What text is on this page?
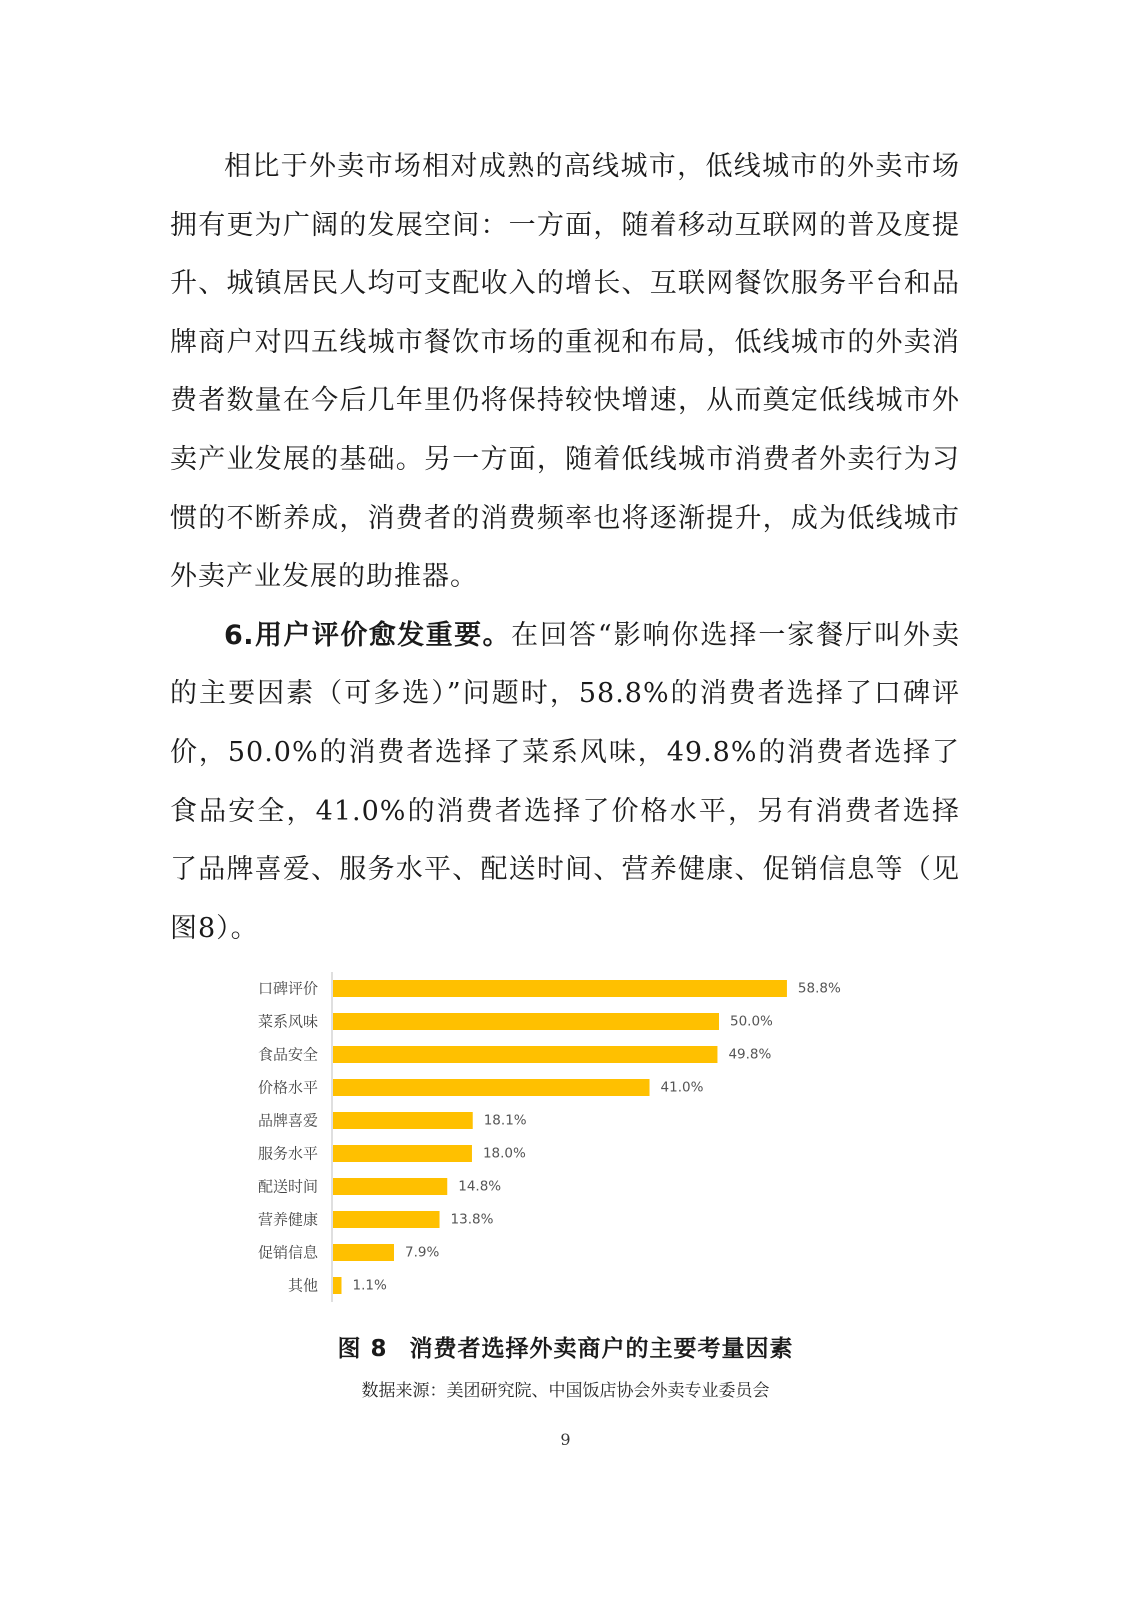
相比于外卖市场相对成熟的高线城市，低线城市的外卖市场拥有更为广阔的发展空间：一方面，随着移动互联网的普及度提升、城镇居民人均可支配收入的增长、互联网餐饮服务平台和品牌商户对四五线城市餐饮市场的重视和布局，低线城市的外卖消费者数量在今后几年里仍将保持较快增速，从而奠定低线城市外卖产业发展的基础。另一方面，随着低线城市消费者外卖行为习惯的不断养成，消费者的消费频率也将逐渐提升，成为低线城市外卖产业发展的助推器。

6.用户评价愈发重要。在回答“影响你选择一家餐厅叫外卖的主要因素（可多选）”问题时，58.8%的消费者选择了口碑评价，50.0%的消费者选择了菜系风味，49.8%的消费者选择了食品安全，41.0%的消费者选择了价格水平，另有消费者选择了品牌喜爱、服务水平、配送时间、营养健康、促销信息等（见图8）。

口碑评价	58.8%
菜系风味	50.0%
食品安全	49.8%
价格水平	41.0%
品牌喜爱	18.1%
服务水平	18.0%
配送时间	14.8%
营养健康	13.8%
促销信息	7.9%
其他	1.1%
图 8 消费者选择外卖商户的主要考量因素
数据来源：美团研究院、中国饭店协会外卖专业委员会
9
